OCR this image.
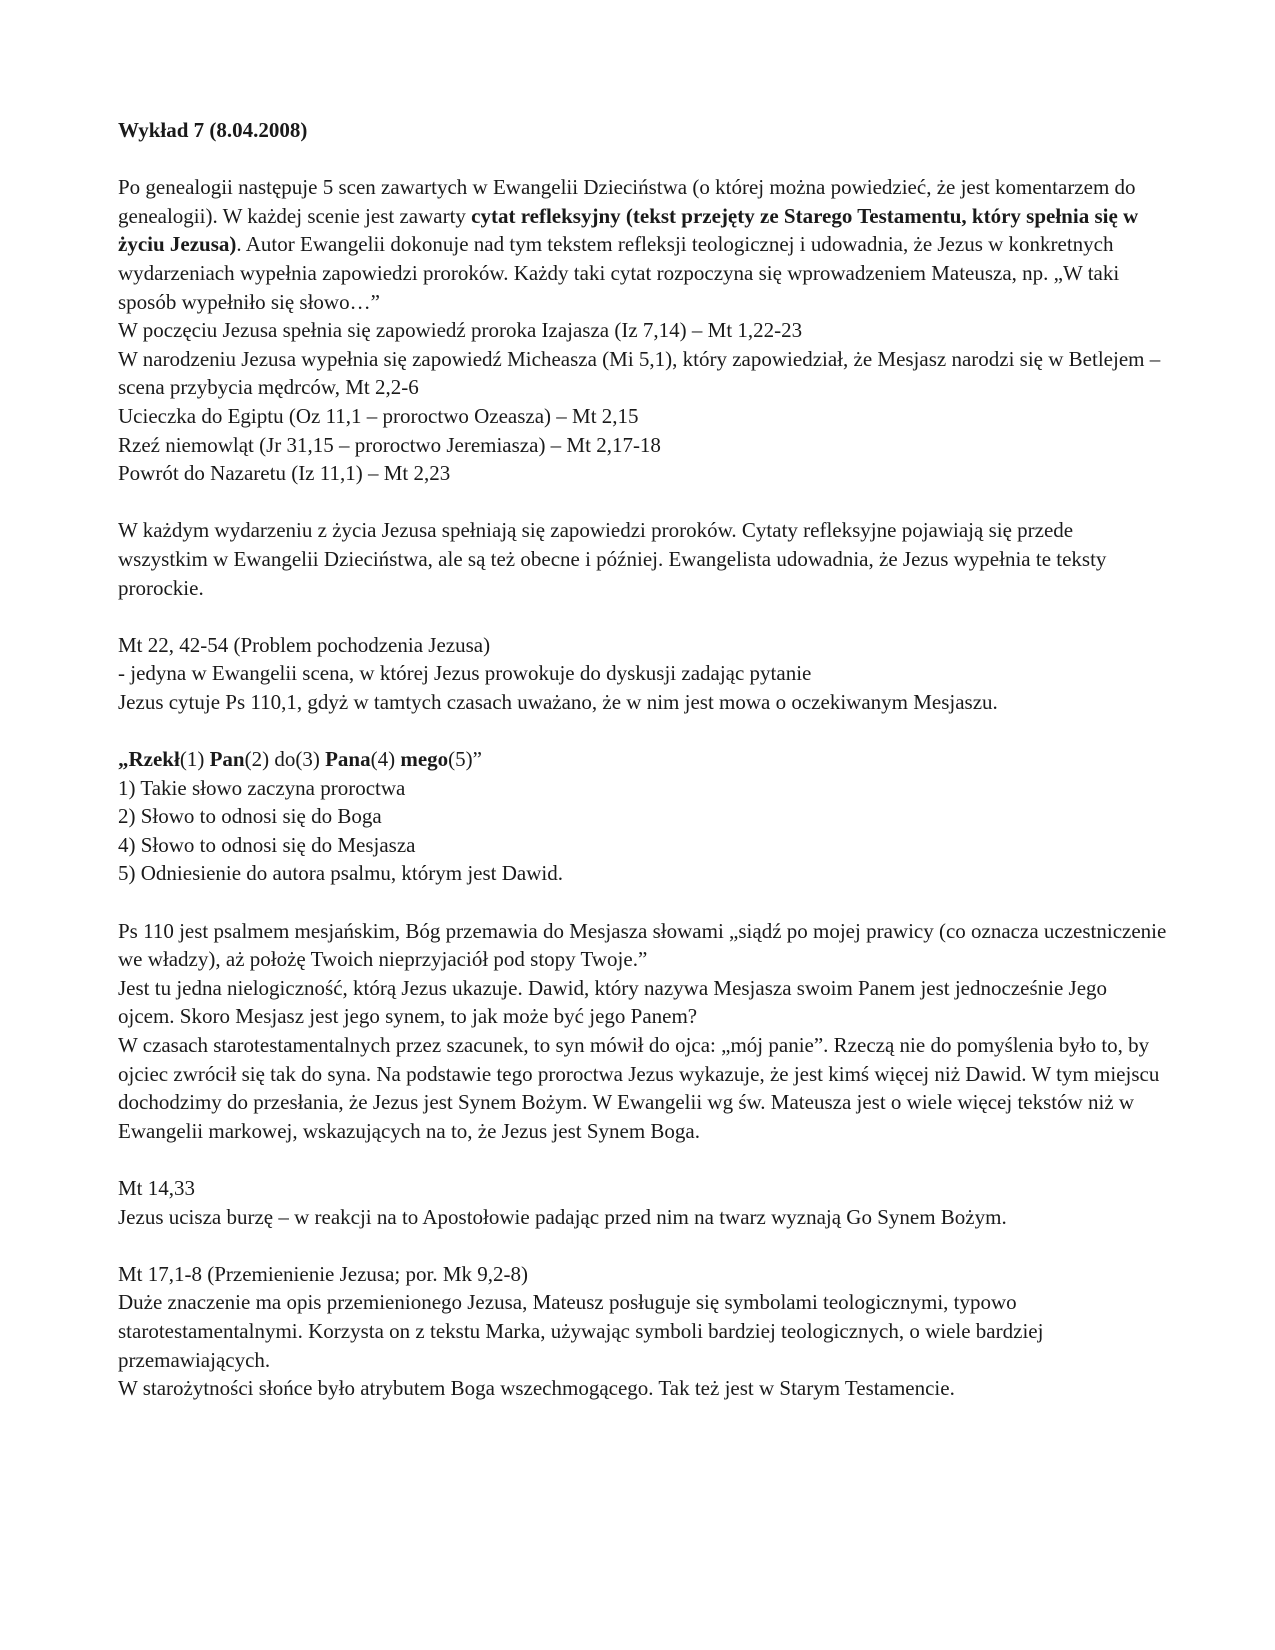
Wykład 7 (8.04.2008)

Po genealogii następuje 5 scen zawartych w Ewangelii Dzieciństwa (o której można powiedzieć, że jest komentarzem do genealogii). W każdej scenie jest zawarty cytat refleksyjny (tekst przejęty ze Starego Testamentu, który spełnia się w życiu Jezusa). Autor Ewangelii dokonuje nad tym tekstem refleksji teologicznej i udowadnia, że Jezus w konkretnych wydarzeniach wypełnia zapowiedzi proroków. Każdy taki cytat rozpoczyna się wprowadzeniem Mateusza, np. „W taki sposób wypełniło się słowo…”

W poczęciu Jezusa spełnia się zapowiedź proroka Izajasza (Iz 7,14) – Mt 1,22-23

W narodzeniu Jezusa wypełnia się zapowiedź Micheasza (Mi 5,1), który zapowiedział, że Mesjasz narodzi się w Betlejem – scena przybycia mędrców, Mt 2,2-6

Ucieczka do Egiptu (Oz 11,1 – proroctwo Ozeasza) – Mt 2,15

Rzeź niemowląt (Jr 31,15 – proroctwo Jeremiasza) – Mt 2,17-18

Powrót do Nazaretu (Iz 11,1) – Mt 2,23

W każdym wydarzeniu z życia Jezusa spełniają się zapowiedzi proroków. Cytaty refleksyjne pojawiają się przede wszystkim w Ewangelii Dzieciństwa, ale są też obecne i później. Ewangelista udowadnia, że Jezus wypełnia te teksty prorockie.

Mt 22, 42-54 (Problem pochodzenia Jezusa)

- jedyna w Ewangelii scena, w której Jezus prowokuje do dyskusji zadając pytanie

Jezus cytuje Ps 110,1, gdyż w tamtych czasach uważano, że w nim jest mowa o oczekiwanym Mesjaszu.

„Rzekł(1) Pan(2) do(3) Pana(4) mego(5)”

1) Takie słowo zaczyna proroctwa

2) Słowo to odnosi się do Boga

4) Słowo to odnosi się do Mesjasza

5) Odniesienie do autora psalmu, którym jest Dawid.

Ps 110 jest psalmem mesjańskim, Bóg przemawia do Mesjasza słowami „siądź po mojej prawicy (co oznacza uczestniczenie we władzy), aż położę Twoich nieprzyjaciół pod stopy Twoje.”

Jest tu jedna nielogiczność, którą Jezus ukazuje. Dawid, który nazywa Mesjasza swoim Panem jest jednocześnie Jego ojcem. Skoro Mesjasz jest jego synem, to jak może być jego Panem?

W czasach starotestamentalnych przez szacunek, to syn mówił do ojca: „mój panie”. Rzeczą nie do pomyślenia było to, by ojciec zwrócił się tak do syna. Na podstawie tego proroctwa Jezus wykazuje, że jest kimś więcej niż Dawid. W tym miejscu dochodzimy do przesłania, że Jezus jest Synem Bożym. W Ewangelii wg św. Mateusza jest o wiele więcej tekstów niż w Ewangelii markowej, wskazujących na to, że Jezus jest Synem Boga.

Mt 14,33

Jezus ucisza burzę – w reakcji na to Apostołowie padając przed nim na twarz wyznają Go Synem Bożym.

Mt 17,1-8 (Przemienienie Jezusa; por. Mk 9,2-8)

Duże znaczenie ma opis przemienionego Jezusa, Mateusz posługuje się symbolami teologicznymi, typowo starotestamentalnymi. Korzysta on z tekstu Marka, używając symboli bardziej teologicznych, o wiele bardziej przemawiających.

W starożytności słońce było atrybutem Boga wszechmogącego. Tak też jest w Starym Testamencie.
